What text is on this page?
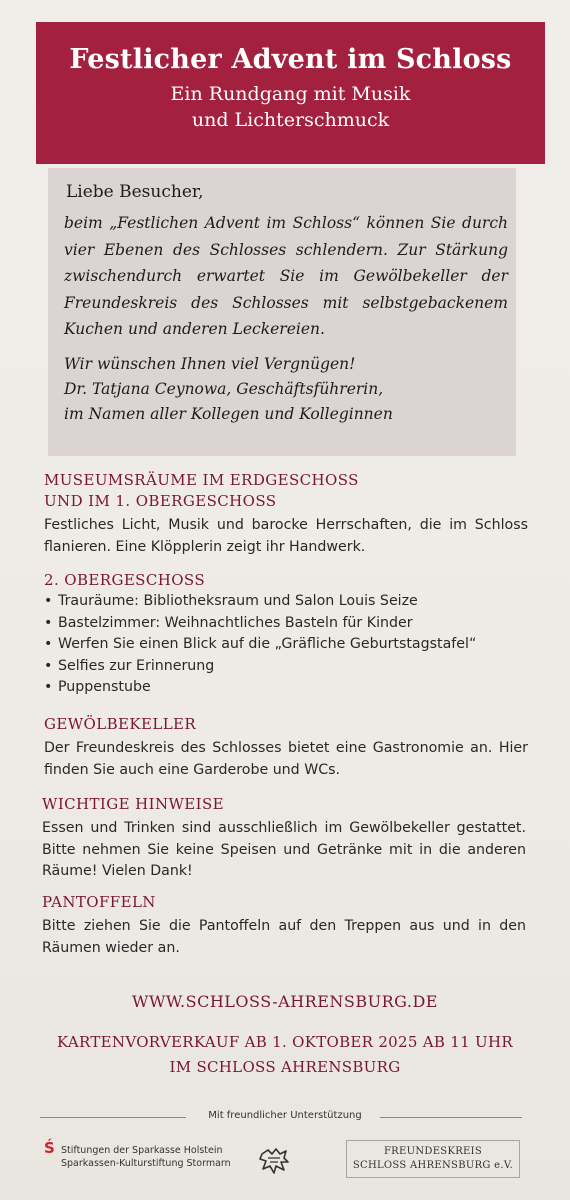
Festlicher Advent im Schloss
Ein Rundgang mit Musik
und Lichterschmuck
Liebe Besucher,
beim „Festlichen Advent im Schloss“ können Sie durch vier Ebenen des Schlosses schlendern. Zur Stärkung zwischendurch erwartet Sie im Gewölbekeller der Freundeskreis des Schlosses mit selbstgebackenem Kuchen und anderen Leckereien.
Wir wünschen Ihnen viel Vergnügen!
Dr. Tatjana Ceynowa, Geschäftsführerin,
im Namen aller Kollegen und Kolleginnen
MUSEUMSRÄUME IM ERDGESCHOSS
UND IM 1. OBERGESCHOSS
Festliches Licht, Musik und barocke Herrschaften, die im Schloss flanieren. Eine Klöpplerin zeigt ihr Handwerk.
2. OBERGESCHOSS
• Trauräume: Bibliotheksraum und Salon Louis Seize
• Bastelzimmer: Weihnachtliches Basteln für Kinder
• Werfen Sie einen Blick auf die „Gräfliche Geburtstagstafel“
• Selfies zur Erinnerung
• Puppenstube
GEWÖLBEKELLER
Der Freundeskreis des Schlosses bietet eine Gastronomie an. Hier finden Sie auch eine Garderobe und WCs.
WICHTIGE HINWEISE
Essen und Trinken sind ausschließlich im Gewölbekeller gestattet. Bitte nehmen Sie keine Speisen und Getränke mit in die anderen Räume! Vielen Dank!
PANTOFFELN
Bitte ziehen Sie die Pantoffeln auf den Treppen aus und in den Räumen wieder an.
WWW.SCHLOSS-AHRENSBURG.DE
KARTENVORVERKAUF AB 1. OKTOBER 2025 AB 11 UHR
IM SCHLOSS AHRENSBURG
Mit freundlicher Unterstützung
Ś Stiftungen der Sparkasse Holstein
Sparkassen-Kulturstiftung Stormarn
FREUNDESKREIS
SCHLOSS AHRENSBURG e.V.
